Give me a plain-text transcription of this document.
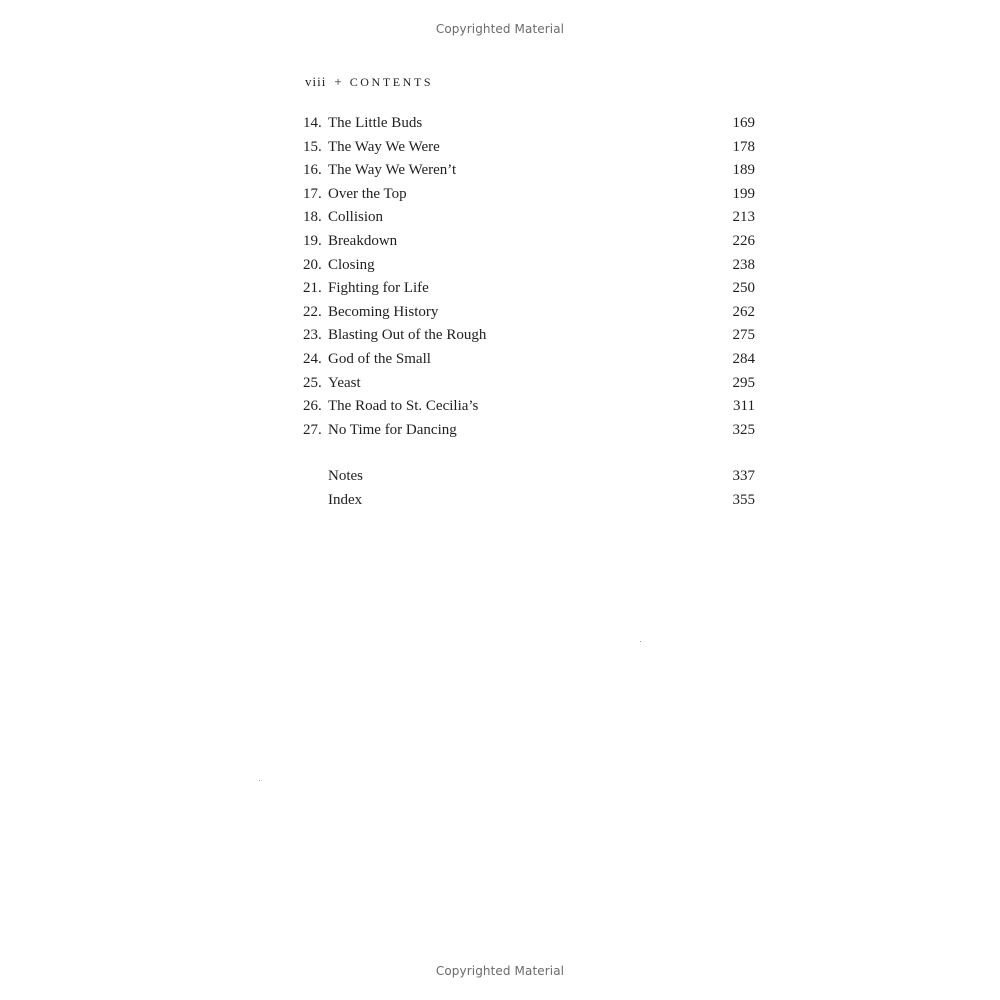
Copyrighted Material
viii + CONTENTS
14. The Little Buds	169
15. The Way We Were	178
16. The Way We Weren’t	189
17. Over the Top	199
18. Collision	213
19. Breakdown	226
20. Closing	238
21. Fighting for Life	250
22. Becoming History	262
23. Blasting Out of the Rough	275
24. God of the Small	284
25. Yeast	295
26. The Road to St. Cecilia’s	311
27. No Time for Dancing	325
Notes	337
Index	355
Copyrighted Material
